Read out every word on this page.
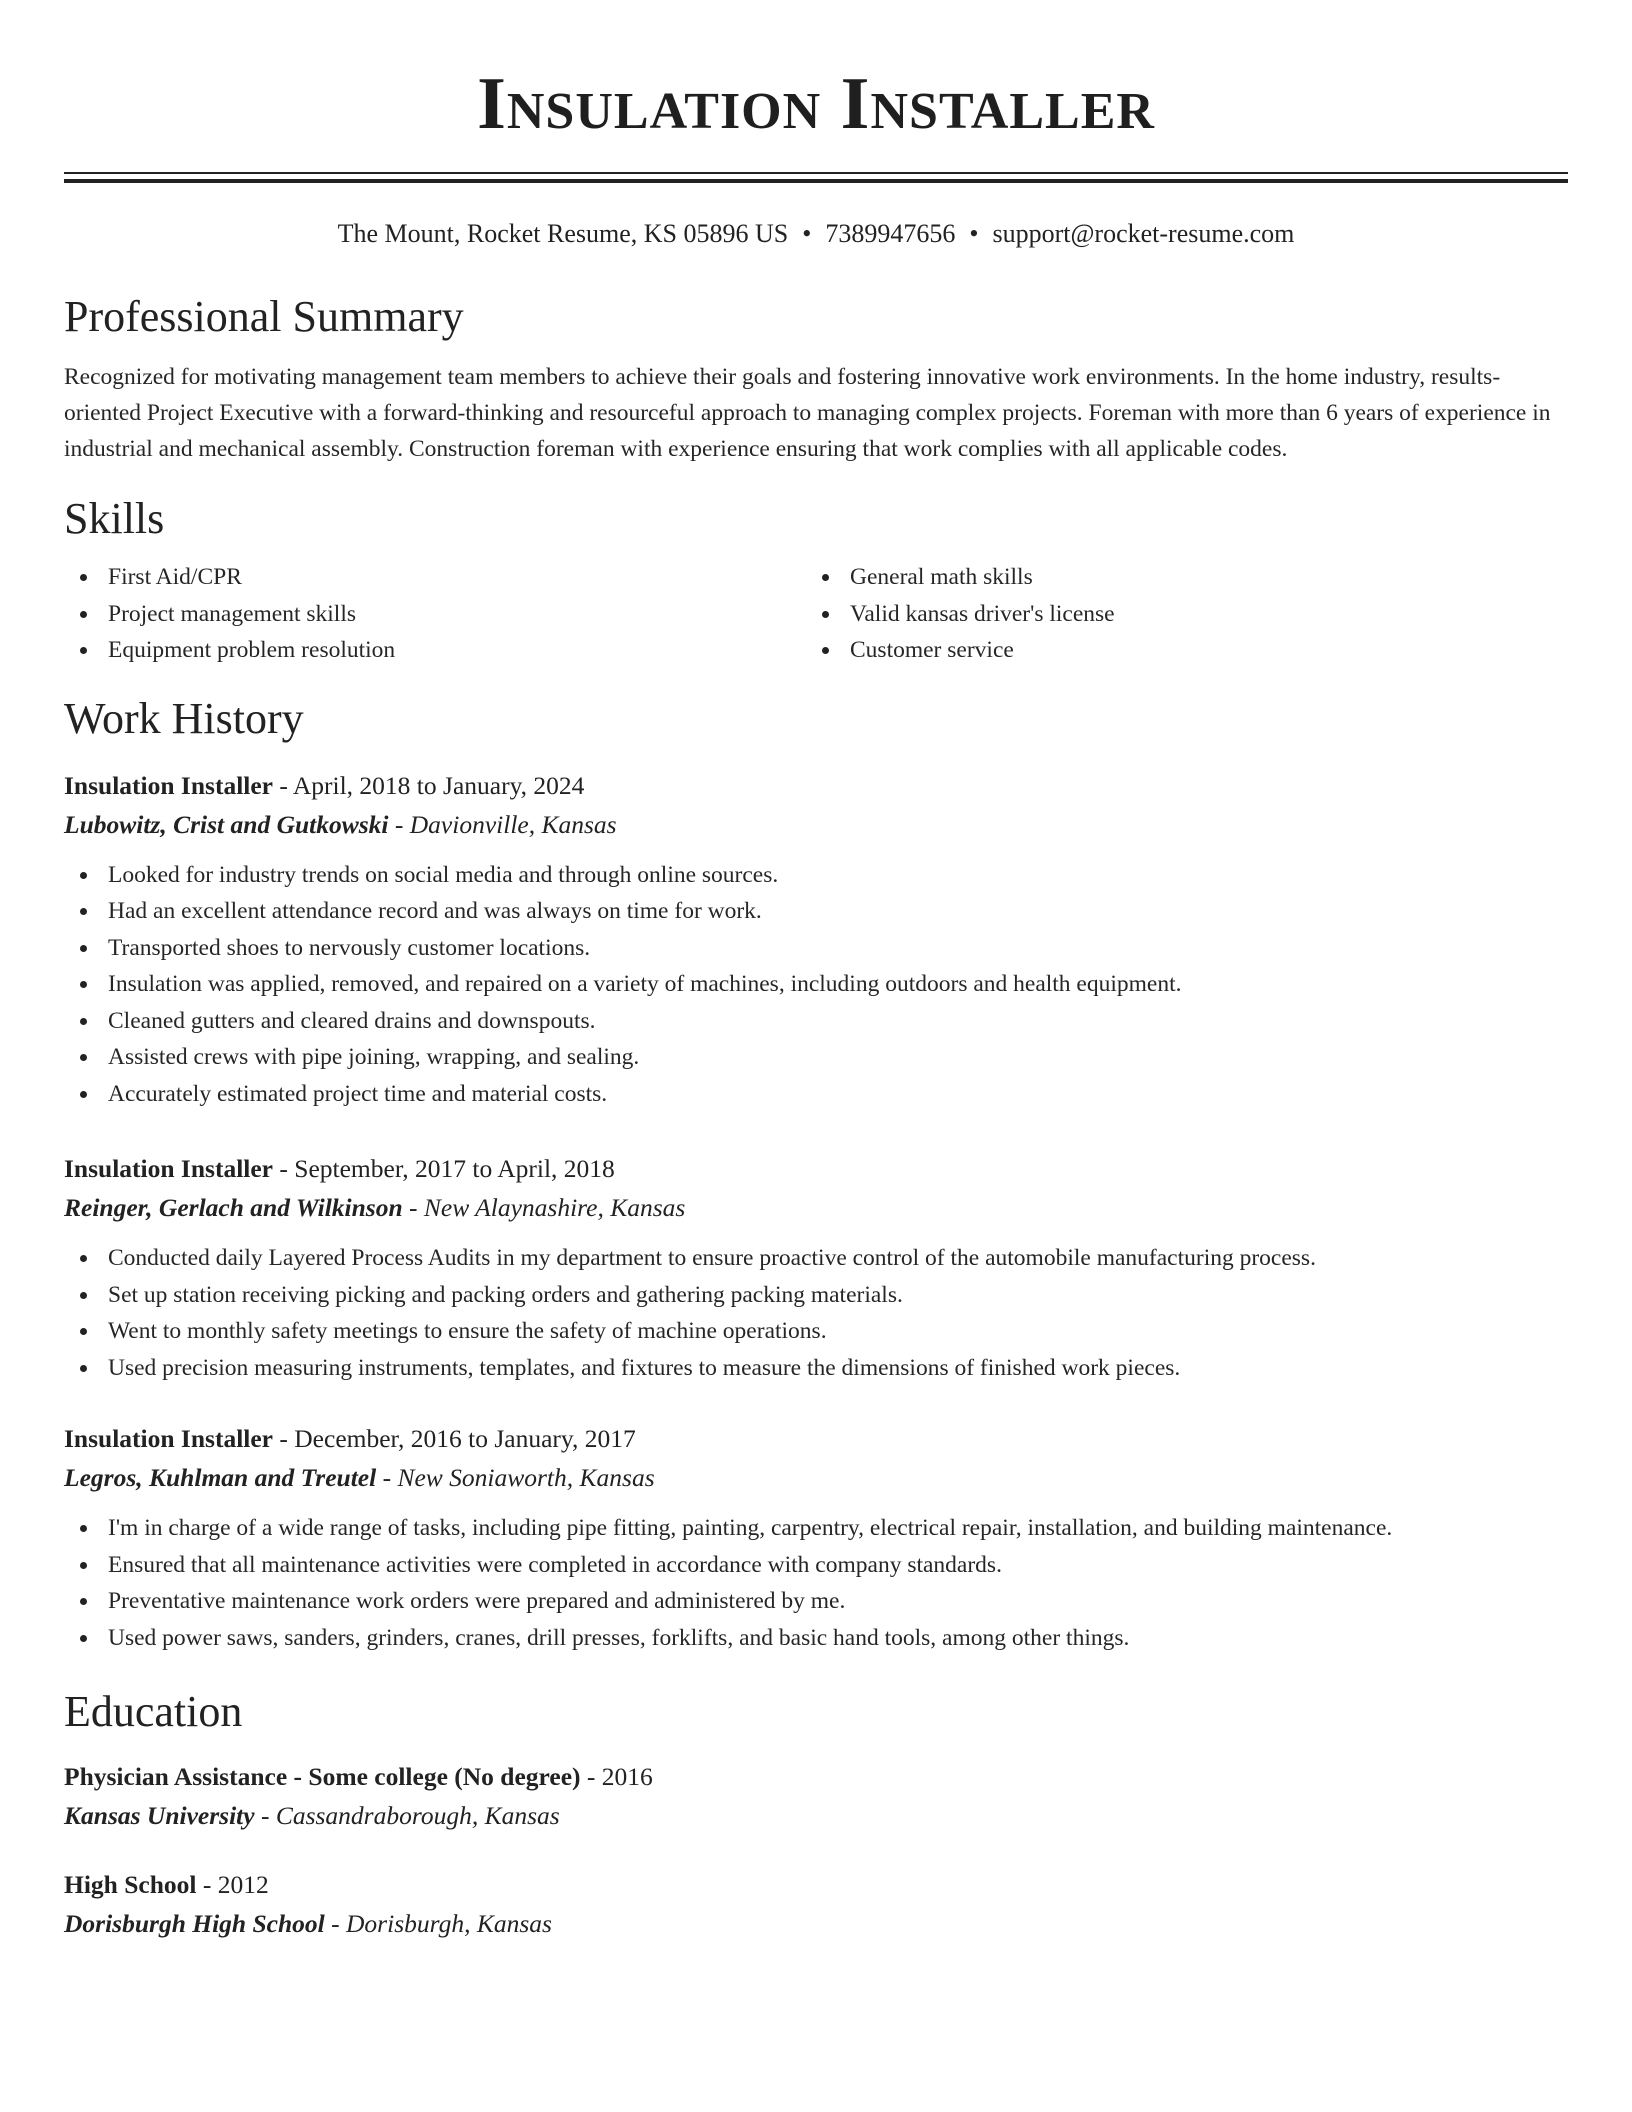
Insulation Installer
The Mount, Rocket Resume, KS 05896 US • 7389947656 • support@rocket-resume.com
Professional Summary

Recognized for motivating management team members to achieve their goals and fostering innovative work environments. In the home industry, results-oriented Project Executive with a forward-thinking and resourceful approach to managing complex projects. Foreman with more than 6 years of experience in industrial and mechanical assembly. Construction foreman with experience ensuring that work complies with all applicable codes.

Skills
First Aid/CPR
Project management skills
Equipment problem resolution
General math skills
Valid kansas driver's license
Customer service
Work History
Insulation Installer - April, 2018 to January, 2024
Lubowitz, Crist and Gutkowski - Davionville, Kansas
Looked for industry trends on social media and through online sources.
Had an excellent attendance record and was always on time for work.
Transported shoes to nervously customer locations.
Insulation was applied, removed, and repaired on a variety of machines, including outdoors and health equipment.
Cleaned gutters and cleared drains and downspouts.
Assisted crews with pipe joining, wrapping, and sealing.
Accurately estimated project time and material costs.
Insulation Installer - September, 2017 to April, 2018
Reinger, Gerlach and Wilkinson - New Alaynashire, Kansas
Conducted daily Layered Process Audits in my department to ensure proactive control of the automobile manufacturing process.
Set up station receiving picking and packing orders and gathering packing materials.
Went to monthly safety meetings to ensure the safety of machine operations.
Used precision measuring instruments, templates, and fixtures to measure the dimensions of finished work pieces.
Insulation Installer - December, 2016 to January, 2017
Legros, Kuhlman and Treutel - New Soniaworth, Kansas
I'm in charge of a wide range of tasks, including pipe fitting, painting, carpentry, electrical repair, installation, and building maintenance.
Ensured that all maintenance activities were completed in accordance with company standards.
Preventative maintenance work orders were prepared and administered by me.
Used power saws, sanders, grinders, cranes, drill presses, forklifts, and basic hand tools, among other things.
Education
Physician Assistance - Some college (No degree) - 2016
Kansas University - Cassandraborough, Kansas
High School - 2012
Dorisburgh High School - Dorisburgh, Kansas
